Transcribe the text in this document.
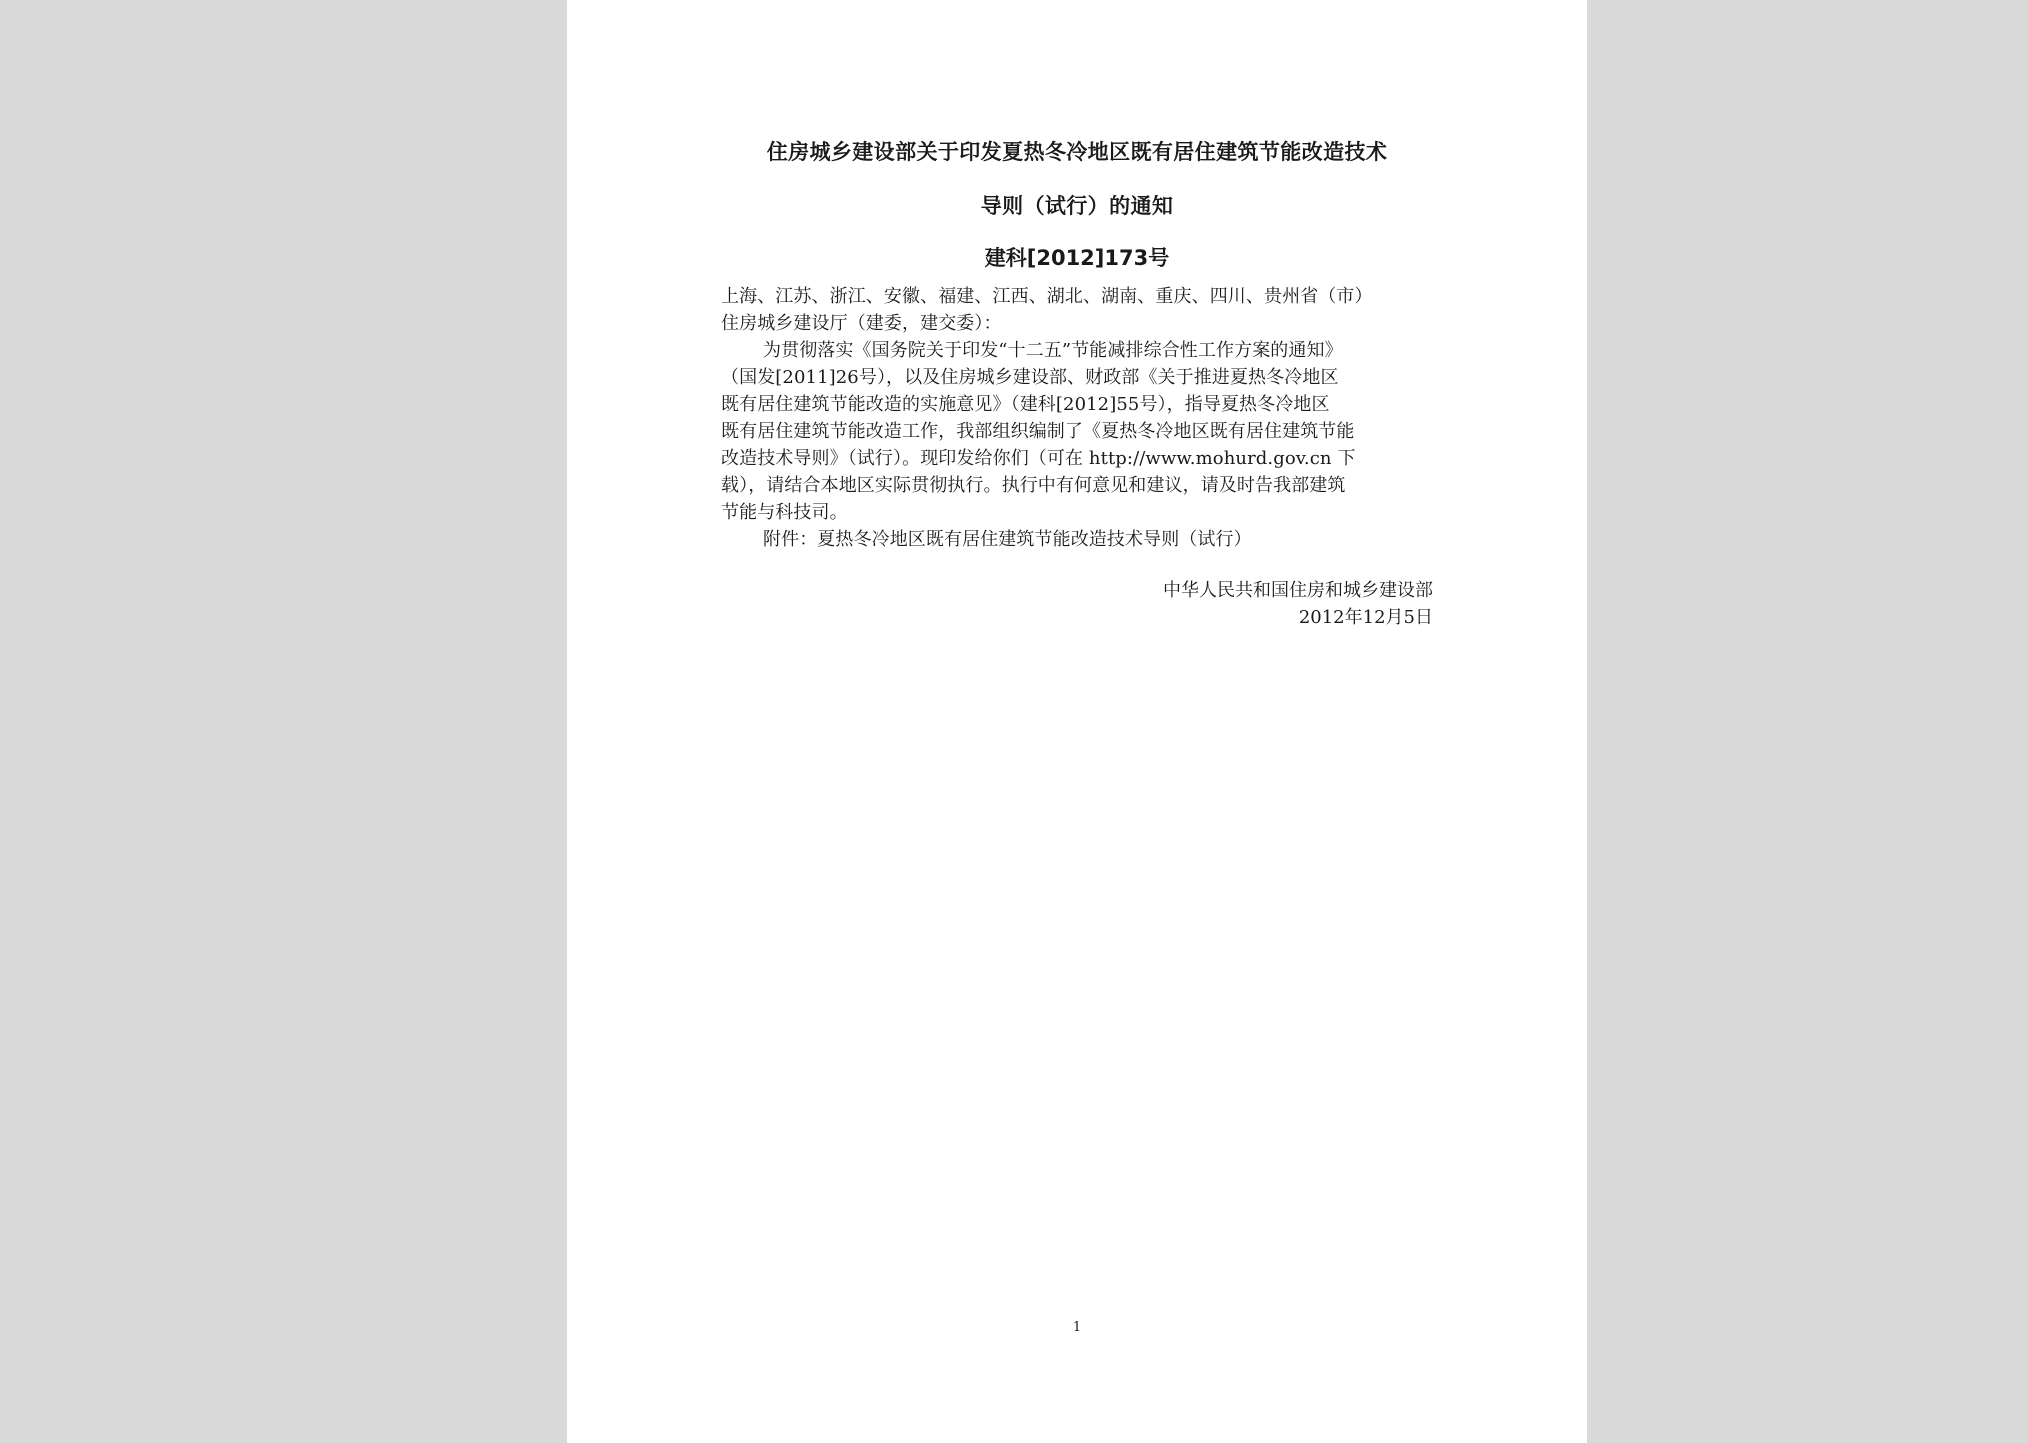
住房城乡建设部关于印发夏热冬冷地区既有居住建筑节能改造技术
导则（试行）的通知
建科[2012]173号
上海、江苏、浙江、安徽、福建、江西、湖北、湖南、重庆、四川、贵州省（市）
住房城乡建设厅（建委，建交委）：
为贯彻落实《国务院关于印发“十二五”节能减排综合性工作方案的通知》
（国发[2011]26号），以及住房城乡建设部、财政部《关于推进夏热冬冷地区
既有居住建筑节能改造的实施意见》（建科[2012]55号），指导夏热冬冷地区
既有居住建筑节能改造工作，我部组织编制了《夏热冬冷地区既有居住建筑节能
改造技术导则》（试行）。现印发给你们（可在 http://www.mohurd.gov.cn 下
载），请结合本地区实际贯彻执行。执行中有何意见和建议，请及时告我部建筑
节能与科技司。
附件：夏热冬冷地区既有居住建筑节能改造技术导则（试行）
中华人民共和国住房和城乡建设部
2012年12月5日
1
